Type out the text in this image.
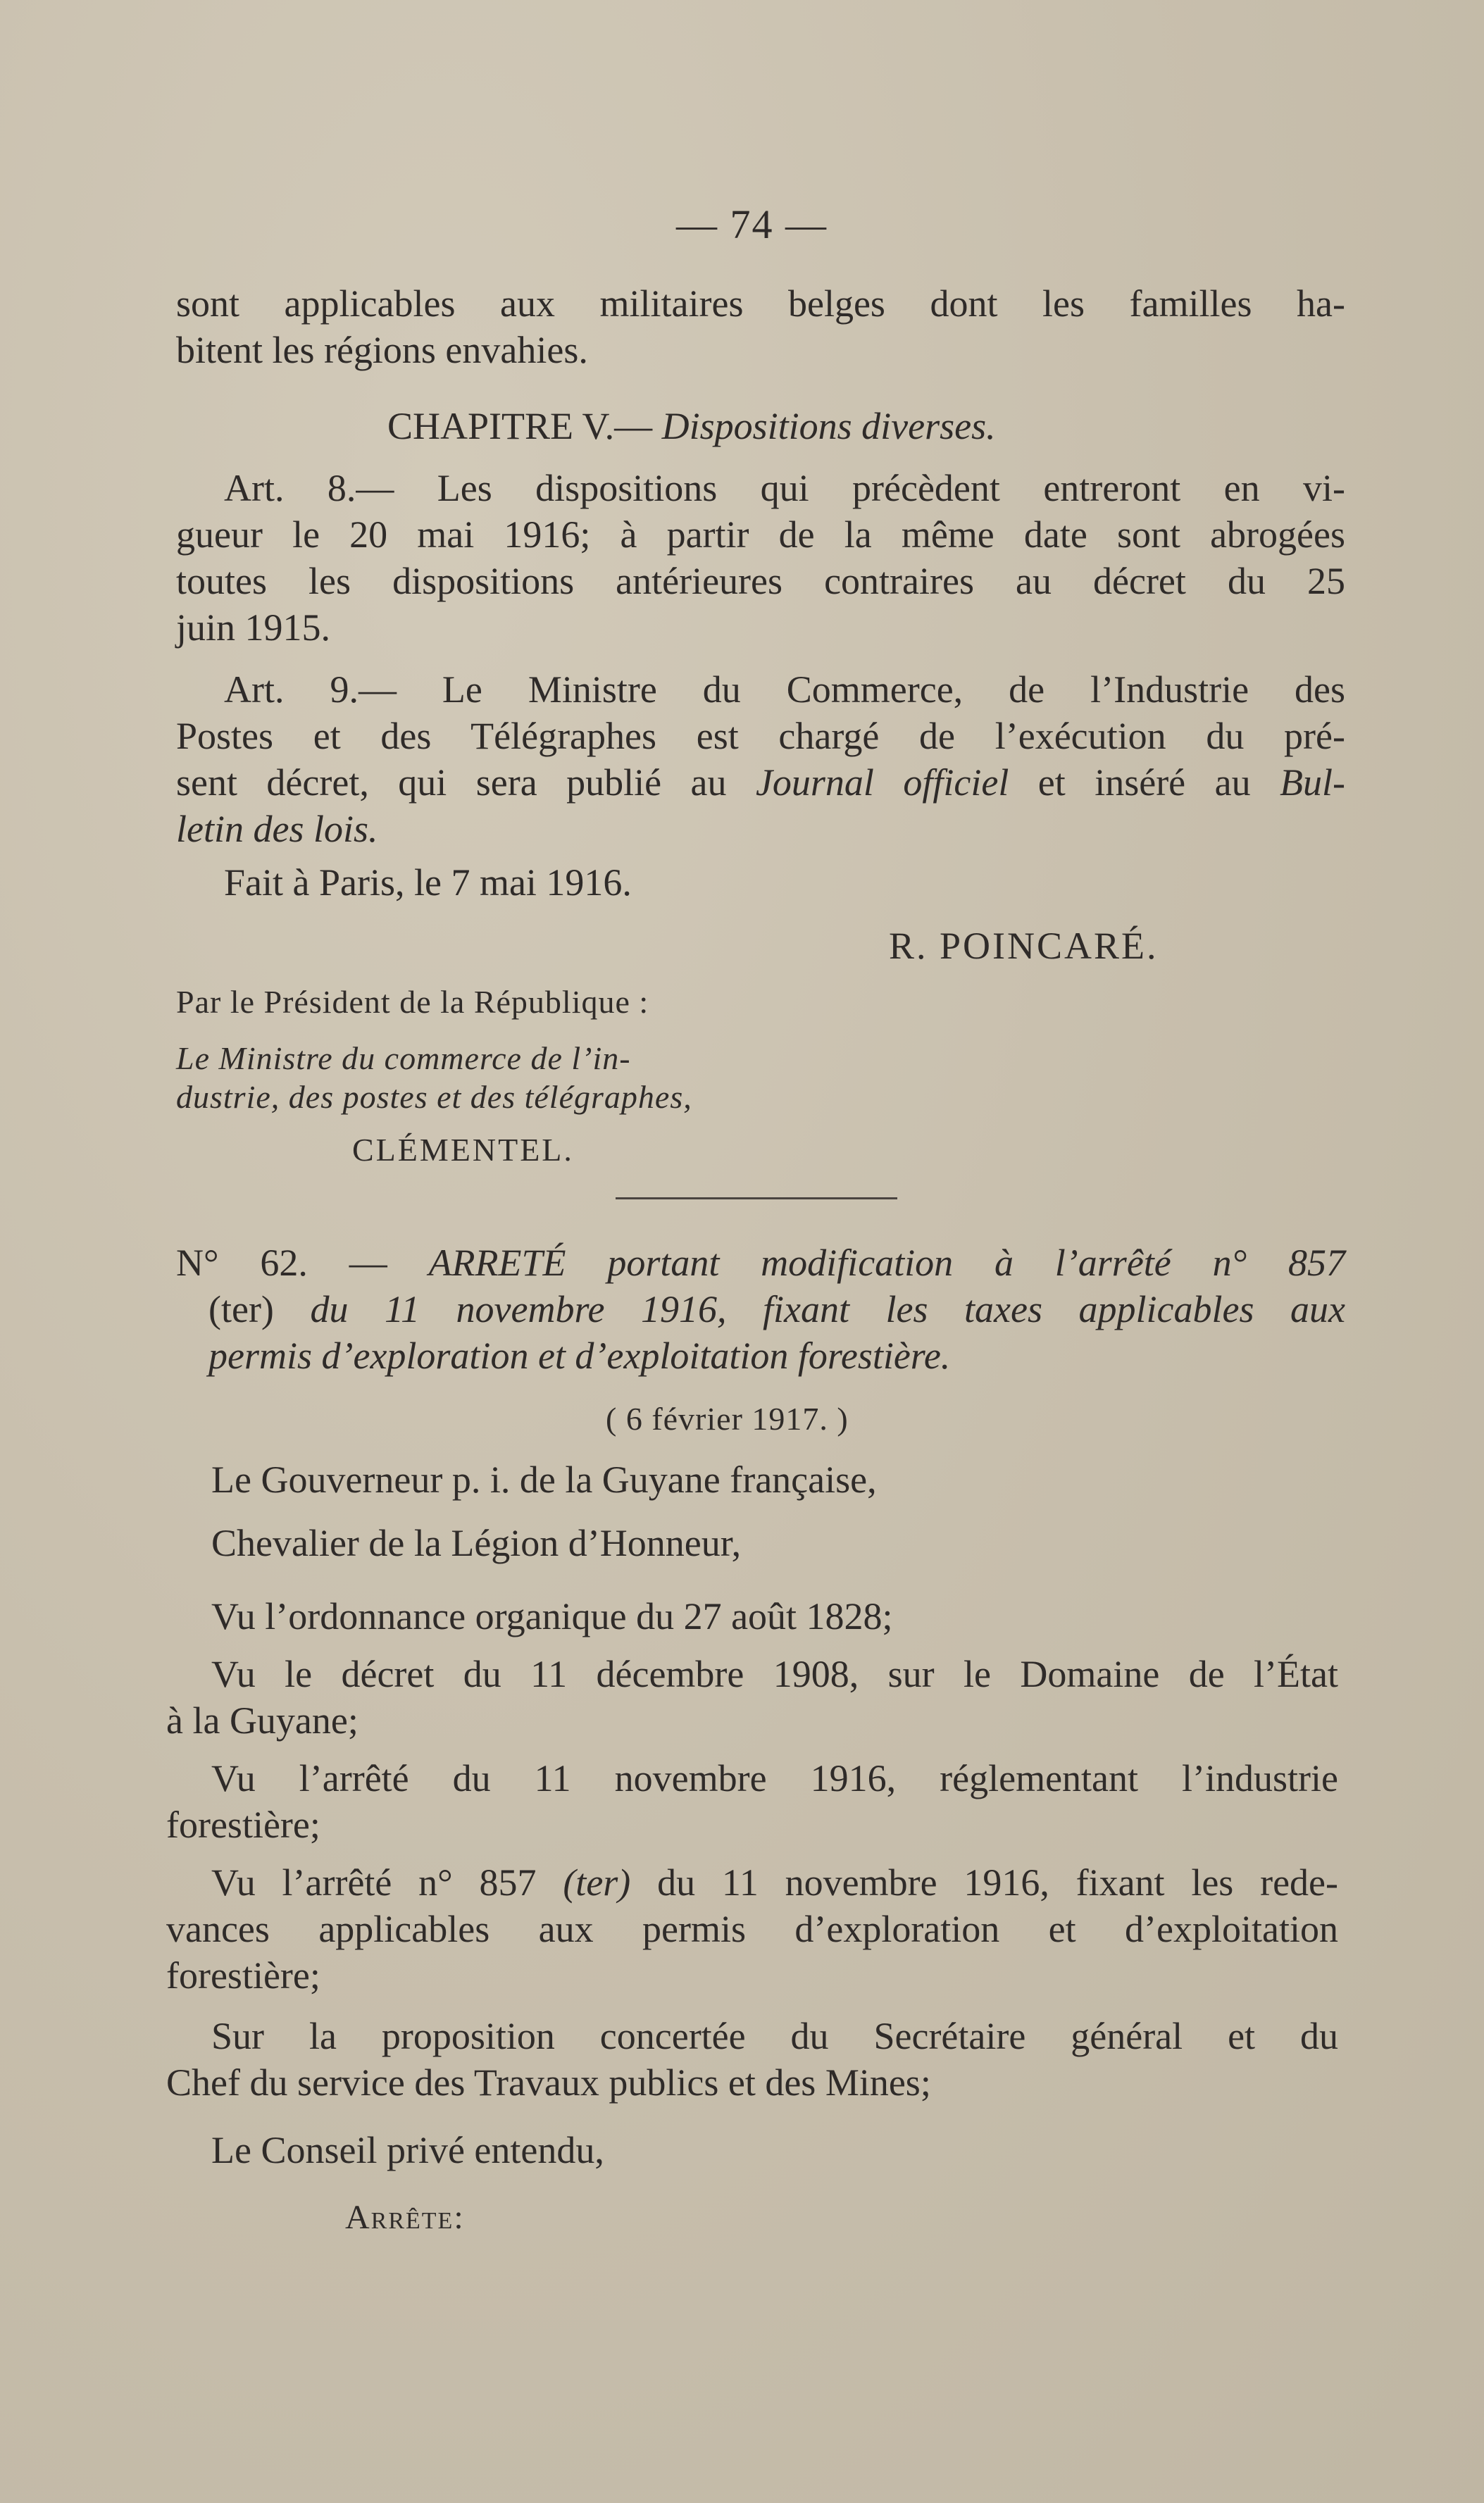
— 74 —
sont applicables aux militaires belges dont les familles ha-
bitent les régions envahies.
CHAPITRE V.— Dispositions diverses.
Art. 8.— Les dispositions qui précèdent entreront en vi-
gueur le 20 mai 1916; à partir de la même date sont abrogées
toutes les dispositions antérieures contraires au décret du 25
juin 1915.
Art. 9.— Le Ministre du Commerce, de l’Industrie des
Postes et des Télégraphes est chargé de l’exécution du pré-
sent décret, qui sera publié au Journal officiel et inséré au Bul-
letin des lois.
Fait à Paris, le 7 mai 1916.
R. POINCARÉ.
Par le Président de la République :
Le Ministre du commerce de l’in-
dustrie, des postes et des télégraphes,
CLÉMENTEL.
N° 62. — ARRETÉ portant modification à l’arrêté n° 857
(ter) du 11 novembre 1916, fixant les taxes applicables aux
permis d’exploration et d’exploitation forestière.
( 6 février 1917. )
Le Gouverneur p. i. de la Guyane française,
Chevalier de la Légion d’Honneur,
Vu l’ordonnance organique du 27 août 1828;
Vu le décret du 11 décembre 1908, sur le Domaine de l’État
à la Guyane;
Vu l’arrêté du 11 novembre 1916, réglementant l’industrie
forestière;
Vu l’arrêté n° 857 (ter) du 11 novembre 1916, fixant les rede-
vances applicables aux permis d’exploration et d’exploitation
forestière;
Sur la proposition concertée du Secrétaire général et du
Chef du service des Travaux publics et des Mines;
Le Conseil privé entendu,
Arrête:
